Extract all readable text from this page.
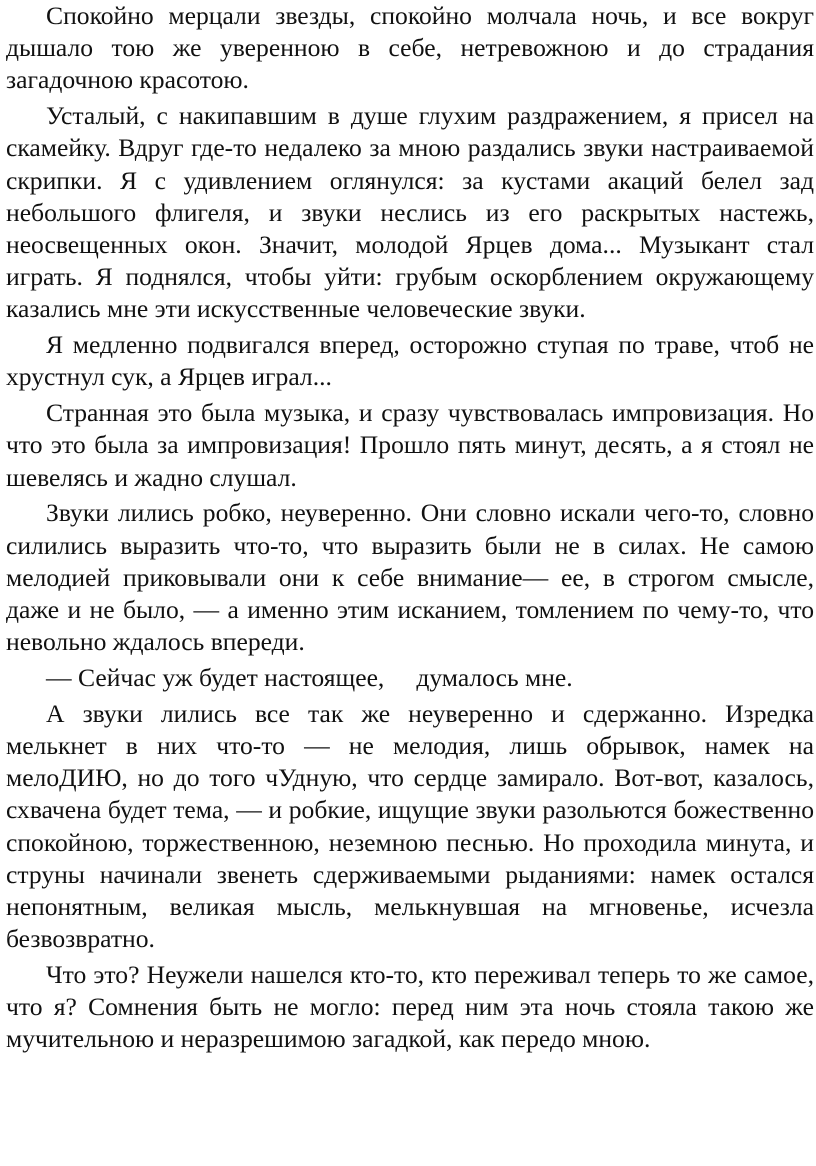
Спокойно мерцали звезды, спокойно молчала ночь, и все вокруг дышало тою же уверенною в себе, нетревожною и до страдания загадочною красотою.

Усталый, с накипавшим в душе глухим раздражением, я присел на скамейку. Вдруг где-то недалеко за мною раздались звуки настраиваемой скрипки. Я с удивлением оглянулся: за кустами акаций белел зад небольшого флигеля, и звуки неслись из его раскрытых настежь, неосвещенных окон. Значит, молодой Ярцев дома... Музыкант стал играть. Я поднялся, чтобы уйти: грубым оскорблением окружающему казались мне эти искусственные человеческие звуки.

Я медленно подвигался вперед, осторожно ступая по траве, чтоб не хрустнул сук, а Ярцев играл...

Странная это была музыка, и сразу чувствовалась импровизация. Но что это была за импровизация! Прошло пять минут, десять, а я стоял не шевелясь и жадно слушал.

Звуки лились робко, неуверенно. Они словно искали чего-то, словно силились выразить что-то, что выразить были не в силах. Не самою мелодией приковывали они к себе внимание— ее, в строгом смысле, даже и не было, — а именно этим исканием, томлением по чему-то, что невольно ждалось впереди.

— Сейчас уж будет настоящее,     думалось мне.

А звуки лились все так же неуверенно и сдержанно. Изредка мелькнет в них что-то — не мелодия, лишь обрывок, намек на мелоДИЮ, но до того чУдную, что сердце замирало. Вот-вот, казалось, схвачена будет тема, — и робкие, ищущие звуки разольются божественно спокойною, торжественною, неземною песнью. Но проходила минута, и струны начинали звенеть сдерживаемыми рыданиями: намек остался непонятным, великая мысль, мелькнувшая на мгновенье, исчезла безвозвратно.

Что это? Неужели нашелся кто-то, кто переживал теперь то же самое, что я? Сомнения быть не могло: перед ним эта ночь стояла такою же мучительною и неразрешимою загадкой, как передо мною.
